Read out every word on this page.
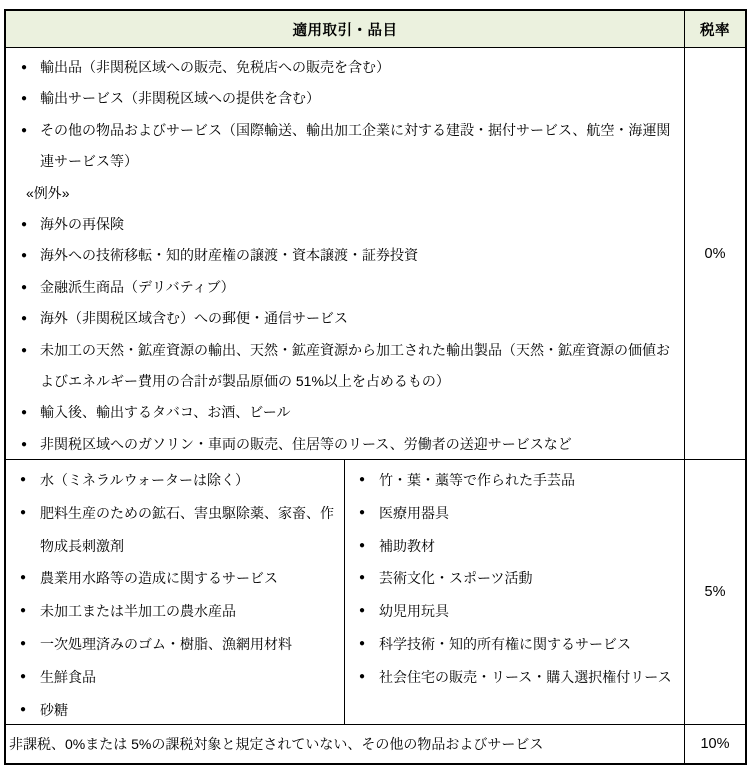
適用取引・品目	税率
● 輸出品（非関税区域への販売、免税店への販売を含む）
● 輸出サービス（非関税区域への提供を含む）
● その他の物品およびサービス（国際輸送、輸出加工企業に対する建設・据付サービス、航空・海運関連サービス等）
«例外»
● 海外の再保険
● 海外への技術移転・知的財産権の譲渡・資本譲渡・証券投資
● 金融派生商品（デリバティブ）
● 海外（非関税区域含む）への郵便・通信サービス
● 未加工の天然・鉱産資源の輸出、天然・鉱産資源から加工された輸出製品（天然・鉱産資源の価値およびエネルギー費用の合計が製品原価の 51%以上を占めるもの）
● 輸入後、輸出するタバコ、お酒、ビール
● 非関税区域へのガソリン・車両の販売、住居等のリース、労働者の送迎サービスなど
0%
● 水（ミネラルウォーターは除く）
● 肥料生産のための鉱石、害虫駆除薬、家畜、作物成長刺激剤
● 農業用水路等の造成に関するサービス
● 未加工または半加工の農水産品
● 一次処理済みのゴム・樹脂、漁網用材料
● 生鮮食品
● 砂糖
● 竹・葉・藁等で作られた手芸品
● 医療用器具
● 補助教材
● 芸術文化・スポーツ活動
● 幼児用玩具
● 科学技術・知的所有権に関するサービス
● 社会住宅の販売・リース・購入選択権付リース
5%
非課税、0%または 5%の課税対象と規定されていない、その他の物品およびサービス	10%
